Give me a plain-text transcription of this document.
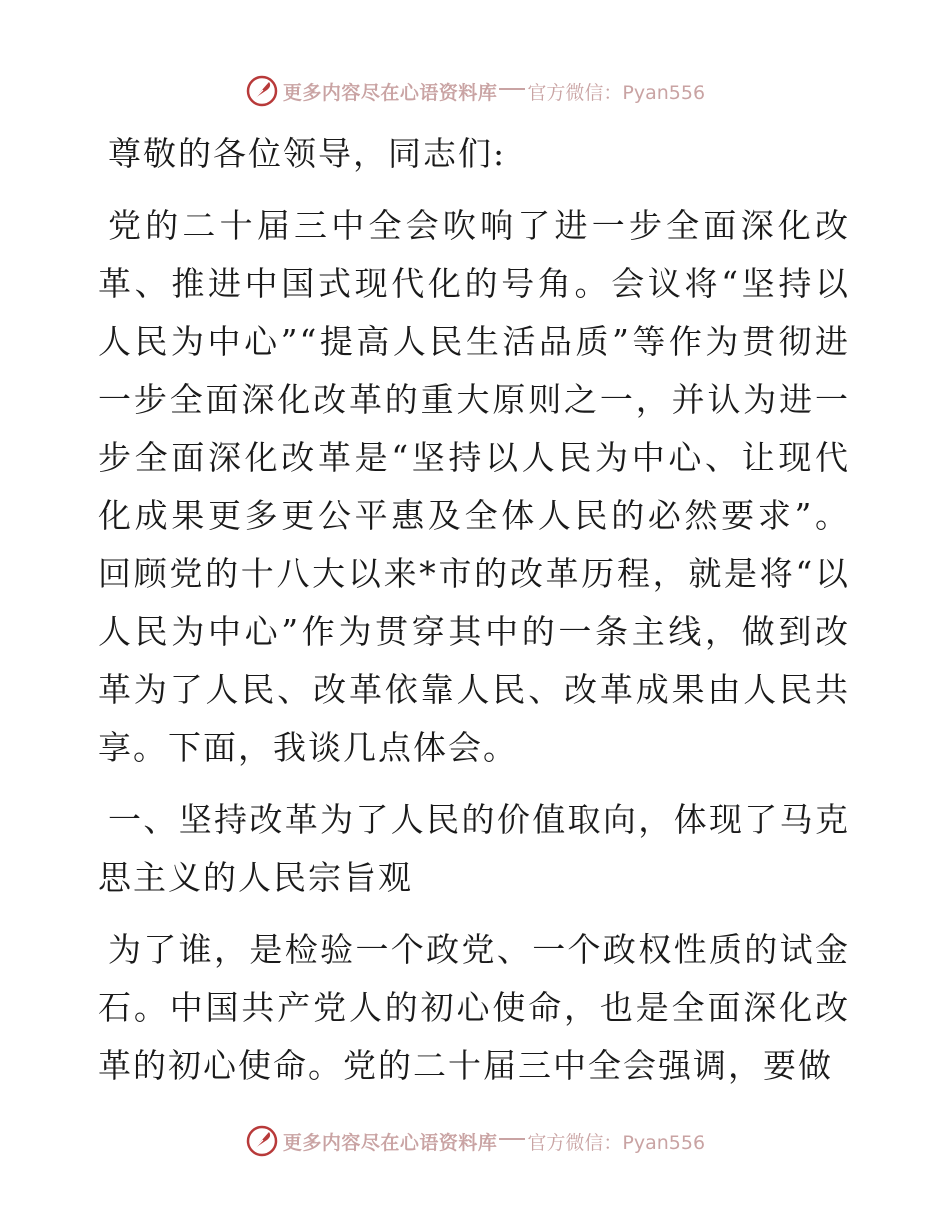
更多内容尽在心语资料库 官方微信：Pyan556

尊敬的各位领导，同志们:

党的二十届三中全会吹响了进一步全面深化改革、推进中国式现代化的号角。会议将“坚持以人民为中心”“提高人民生活品质”等作为贯彻进一步全面深化改革的重大原则之一，并认为进一步全面深化改革是“坚持以人民为中心、让现代化成果更多更公平惠及全体人民的必然要求”。回顾党的十八大以来*市的改革历程，就是将“以人民为中心”作为贯穿其中的一条主线，做到改革为了人民、改革依靠人民、改革成果由人民共享。下面，我谈几点体会。

一、坚持改革为了人民的价值取向，体现了马克思主义的人民宗旨观

为了谁，是检验一个政党、一个政权性质的试金石。中国共产党人的初心使命，也是全面深化改革的初心使命。党的二十届三中全会强调，要做

更多内容尽在心语资料库 官方微信：Pyan556
